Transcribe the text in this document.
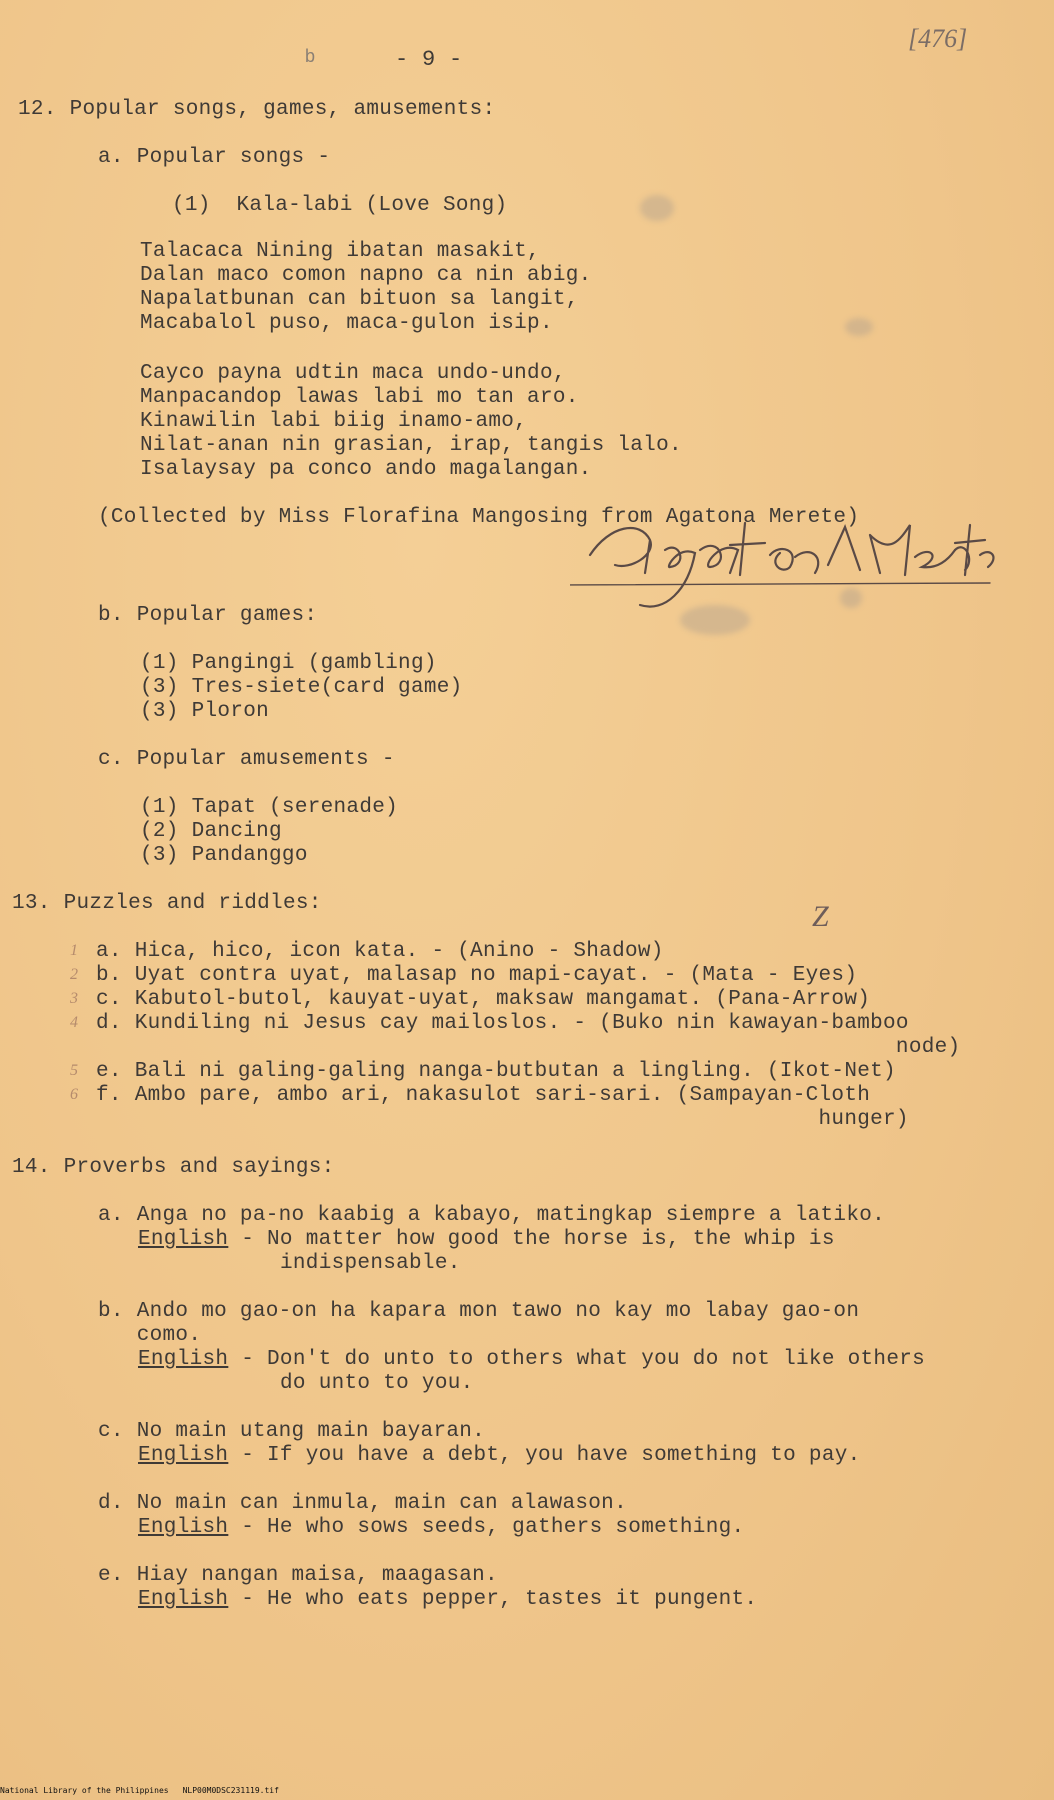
b	- 9 -
[476]
12. Popular songs, games, amusements:
a. Popular songs -
(1)  Kala-labi (Love Song)
Talacaca Nining ibatan masakit,
Dalan maco comon napno ca nin abig.
Napalatbunan can bituon sa langit,
Macabalol puso, maca-gulon isip.
Cayco payna udtin maca undo-undo,
Manpacandop lawas labi mo tan aro.
Kinawilin labi biig inamo-amo,
Nilat-anan nin grasian, irap, tangis lalo.
Isalaysay pa conco ando magalangan.
(Collected by Miss Florafina Mangosing from Agatona Merete)
b. Popular games:
(1) Pangingi (gambling)
(3) Tres-siete(card game)
(3) Ploron
c. Popular amusements -
(1) Tapat (serenade)
(2) Dancing
(3) Pandanggo
13. Puzzles and riddles:	Z
1
2
3
4
5
6
a. Hica, hico, icon kata. - (Anino - Shadow)
b. Uyat contra uyat, malasap no mapi-cayat. - (Mata - Eyes)
c. Kabutol-butol, kauyat-uyat, maksaw mangamat. (Pana-Arrow)
d. Kundiling ni Jesus cay mailoslos. - (Buko nin kawayan-bamboo
node)
e. Bali ni galing-galing nanga-butbutan a lingling. (Ikot-Net)
f. Ambo pare, ambo ari, nakasulot sari-sari. (Sampayan-Cloth
hunger)
14. Proverbs and sayings:
a. Anga no pa-no kaabig a kabayo, matingkap siempre a latiko.
English - No matter how good the horse is, the whip is
indispensable.
b. Ando mo gao-on ha kapara mon tawo no kay mo labay gao-on
como.
English - Don't do unto to others what you do not like others
do unto to you.
c. No main utang main bayaran.
English - If you have a debt, you have something to pay.
d. No main can inmula, main can alawason.
English - He who sows seeds, gathers something.
e. Hiay nangan maisa, maagasan.
English - He who eats pepper, tastes it pungent.
National Library of the Philippines NLP00M0DSC231119.tif
